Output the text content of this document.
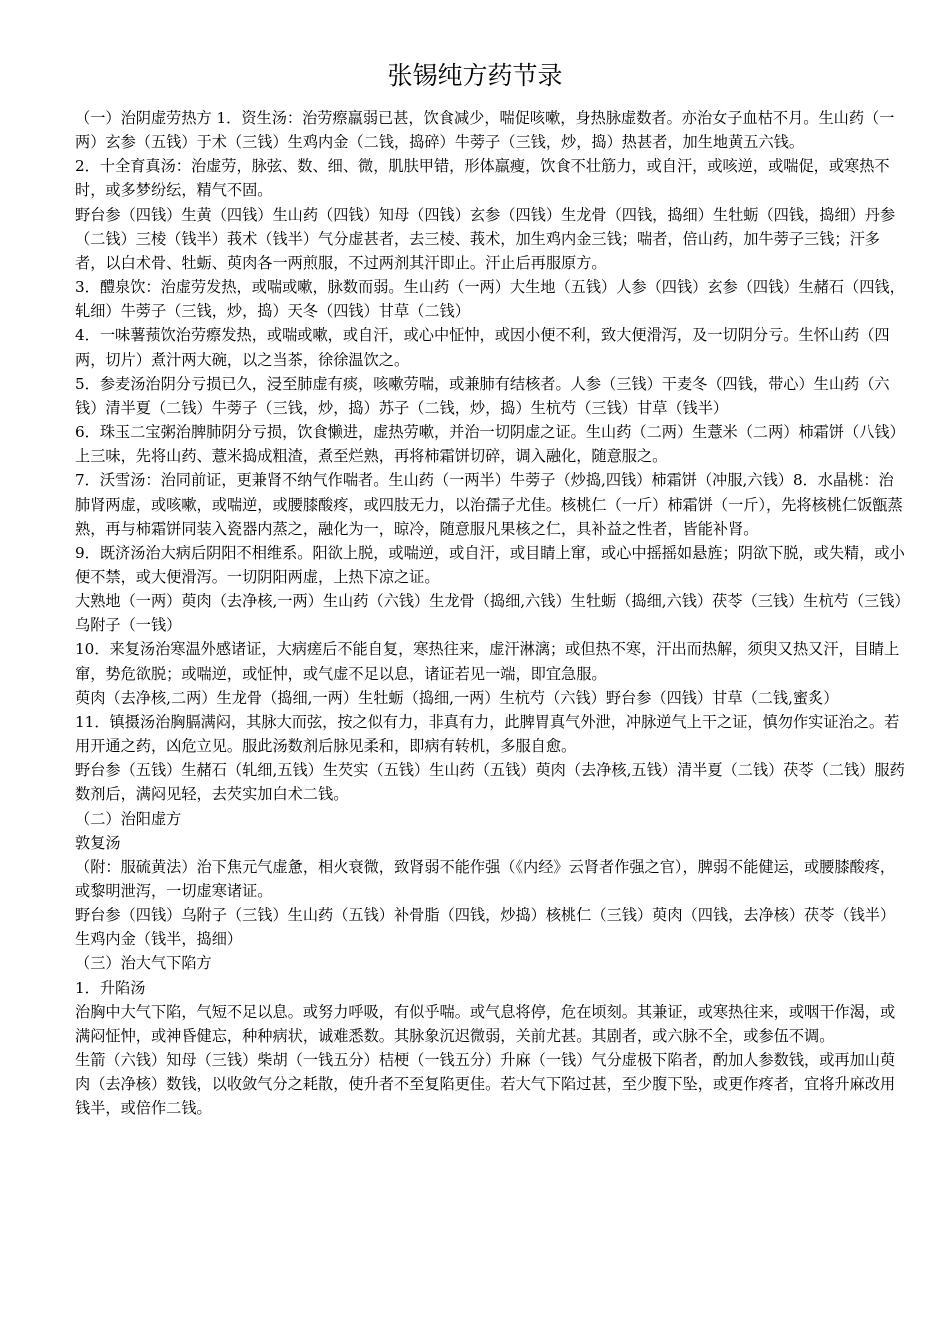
张锡纯方药节录

（一）治阴虚劳热方 1．资生汤：治劳瘵羸弱已甚，饮食减少，喘促咳嗽，身热脉虚数者。亦治女子血枯不月。生山药（一两）玄参（五钱）于术（三钱）生鸡内金（二钱，捣碎）牛蒡子（三钱，炒，捣）热甚者，加生地黄五六钱。

2．十全育真汤：治虚劳，脉弦、数、细、微，肌肤甲错，形体羸瘦，饮食不壮筋力，或自汗，或咳逆，或喘促，或寒热不时，或多梦纷纭，精气不固。

野台参（四钱）生黄（四钱）生山药（四钱）知母（四钱）玄参（四钱）生龙骨（四钱，捣细）生牡蛎（四钱，捣细）丹参（二钱）三棱（钱半）莪术（钱半）气分虚甚者，去三棱、莪术，加生鸡内金三钱；喘者，倍山药，加牛蒡子三钱；汗多者，以白术骨、牡蛎、萸肉各一两煎服，不过两剂其汗即止。汗止后再服原方。

3．醴泉饮：治虚劳发热，或喘或嗽，脉数而弱。生山药（一两）大生地（五钱）人参（四钱）玄参（四钱）生赭石（四钱，轧细）牛蒡子（三钱，炒，捣）天冬（四钱）甘草（二钱）

4．一味薯蓣饮治劳瘵发热，或喘或嗽，或自汗，或心中怔忡，或因小便不利，致大便滑泻，及一切阴分亏。生怀山药（四两，切片）煮汁两大碗，以之当茶，徐徐温饮之。

5．参麦汤治阴分亏损已久，浸至肺虚有痰，咳嗽劳喘，或兼肺有结核者。人参（三钱）干麦冬（四钱，带心）生山药（六钱）清半夏（二钱）牛蒡子（三钱，炒，捣）苏子（二钱，炒，捣）生杭芍（三钱）甘草（钱半）

6．珠玉二宝粥治脾肺阴分亏损，饮食懒进，虚热劳嗽，并治一切阴虚之证。生山药（二两）生薏米（二两）柿霜饼（八钱）上三味，先将山药、薏米捣成粗渣，煮至烂熟，再将柿霜饼切碎，调入融化，随意服之。

7．沃雪汤：治同前证，更兼肾不纳气作喘者。生山药（一两半）牛蒡子（炒捣,四钱）柿霜饼（冲服,六钱）8．水晶桃：治肺肾两虚，或咳嗽，或喘逆，或腰膝酸疼，或四肢无力，以治孺子尤佳。核桃仁（一斤）柿霜饼（一斤），先将核桃仁饭甑蒸熟，再与柿霜饼同装入瓷器内蒸之，融化为一，晾冷，随意服凡果核之仁，具补益之性者，皆能补肾。

9．既济汤治大病后阴阳不相维系。阳欲上脱，或喘逆，或自汗，或目睛上窜，或心中摇摇如悬旌；阴欲下脱，或失精，或小便不禁，或大便滑泻。一切阴阳两虚，上热下凉之证。

大熟地（一两）萸肉（去净核,一两）生山药（六钱）生龙骨（捣细,六钱）生牡蛎（捣细,六钱）茯苓（三钱）生杭芍（三钱）乌附子（一钱）

10．来复汤治寒温外感诸证，大病瘥后不能自复，寒热往来，虚汗淋漓；或但热不寒，汗出而热解，须臾又热又汗，目睛上窜，势危欲脱；或喘逆，或怔忡，或气虚不足以息，诸证若见一端，即宜急服。

萸肉（去净核,二两）生龙骨（捣细,一两）生牡蛎（捣细,一两）生杭芍（六钱）野台参（四钱）甘草（二钱,蜜炙）

11．镇摄汤治胸膈满闷，其脉大而弦，按之似有力，非真有力，此脾胃真气外泄，冲脉逆气上干之证，慎勿作实证治之。若用开通之药，凶危立见。服此汤数剂后脉见柔和，即病有转机，多服自愈。

野台参（五钱）生赭石（轧细,五钱）生芡实（五钱）生山药（五钱）萸肉（去净核,五钱）清半夏（二钱）茯苓（二钱）服药数剂后，满闷见轻，去芡实加白术二钱。

（二）治阳虚方

敦复汤

（附：服硫黄法）治下焦元气虚惫，相火衰微，致肾弱不能作强（《内经》云肾者作强之官），脾弱不能健运，或腰膝酸疼，或黎明泄泻，一切虚寒诸证。

野台参（四钱）乌附子（三钱）生山药（五钱）补骨脂（四钱，炒捣）核桃仁（三钱）萸肉（四钱，去净核）茯苓（钱半）生鸡内金（钱半，捣细）

（三）治大气下陷方

1．升陷汤

治胸中大气下陷，气短不足以息。或努力呼吸，有似乎喘。或气息将停，危在顷刻。其兼证，或寒热往来，或咽干作渴，或满闷怔忡，或神昏健忘，种种病状，诚难悉数。其脉象沉迟微弱，关前尤甚。其剧者，或六脉不全，或参伍不调。

生箭（六钱）知母（三钱）柴胡（一钱五分）桔梗（一钱五分）升麻（一钱）气分虚极下陷者，酌加人参数钱，或再加山萸肉（去净核）数钱，以收敛气分之耗散，使升者不至复陷更佳。若大气下陷过甚，至少腹下坠，或更作疼者，宜将升麻改用钱半，或倍作二钱。
